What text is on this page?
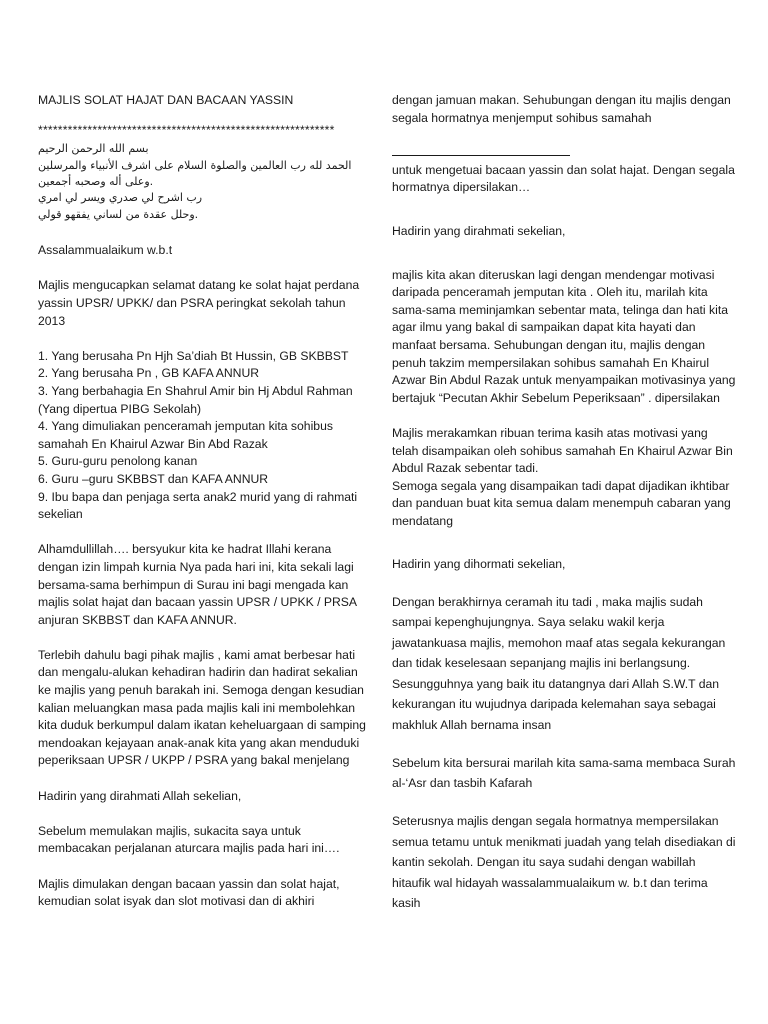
MAJLIS SOLAT HAJAT DAN BACAAN YASSIN
************************************************************
بسم الله الرحمن الرحيم
الحمد لله رب العالمين والصلوة السلام على اشرف الأنبياء والمرسلين
.وعلى أله وصحبه أجمعين
رب اشرح لي صدري ويسر لي امري
.وحلل عقدة من لساني يفقهو قولي
Assalammualaikum w.b.t
Majlis mengucapkan selamat datang ke solat hajat perdana yassin UPSR/ UPKK/ dan PSRA peringkat sekolah tahun 2013
1. Yang berusaha Pn Hjh Sa’diah Bt Hussin, GB SKBBST
2. Yang berusaha Pn , GB KAFA ANNUR
3. Yang berbahagia En Shahrul Amir bin Hj Abdul Rahman (Yang dipertua PIBG Sekolah)
4. Yang dimuliakan penceramah jemputan kita sohibus samahah En Khairul Azwar Bin Abd Razak
5. Guru-guru penolong kanan
6. Guru –guru SKBBST dan KAFA ANNUR
9. Ibu bapa dan penjaga serta anak2 murid yang di rahmati sekelian
Alhamdullillah…. bersyukur kita ke hadrat Illahi kerana dengan izin limpah kurnia Nya pada hari ini, kita sekali lagi bersama-sama berhimpun di Surau ini bagi mengada kan majlis solat hajat dan bacaan yassin UPSR / UPKK / PRSA anjuran SKBBST dan KAFA ANNUR.
Terlebih dahulu bagi pihak majlis , kami amat berbesar hati dan mengalu-alukan kehadiran hadirin dan hadirat sekalian ke majlis yang penuh barakah ini. Semoga dengan kesudian kalian meluangkan masa pada majlis kali ini membolehkan kita duduk berkumpul dalam ikatan keheluargaan di samping mendoakan kejayaan anak-anak kita yang akan menduduki peperiksaan UPSR / UKPP / PSRA yang bakal menjelang
Hadirin yang dirahmati Allah sekelian,
Sebelum memulakan majlis, sukacita saya untuk membacakan perjalanan aturcara majlis pada hari ini….
Majlis dimulakan dengan bacaan yassin dan solat hajat, kemudian solat isyak dan slot motivasi dan di akhiri
dengan jamuan makan. Sehubungan dengan itu majlis dengan segala hormatnya menjemput sohibus samahah
untuk mengetuai bacaan yassin dan solat hajat. Dengan segala hormatnya dipersilakan…
Hadirin yang dirahmati sekelian,
majlis kita akan diteruskan lagi dengan mendengar motivasi daripada penceramah jemputan kita . Oleh itu, marilah kita sama-sama meminjamkan sebentar mata, telinga dan hati kita agar ilmu yang bakal di sampaikan dapat kita hayati dan manfaat bersama. Sehubungan dengan itu, majlis dengan penuh takzim mempersilakan sohibus samahah En Khairul Azwar Bin Abdul Razak untuk menyampaikan motivasinya yang bertajuk “Pecutan Akhir Sebelum Peperiksaan” . dipersilakan
Majlis merakamkan ribuan terima kasih atas motivasi yang telah disampaikan oleh sohibus samahah En Khairul Azwar Bin Abdul Razak sebentar tadi.
Semoga segala yang disampaikan tadi dapat dijadikan ikhtibar dan panduan buat kita semua dalam menempuh cabaran yang mendatang
Hadirin yang dihormati sekelian,
Dengan berakhirnya ceramah itu tadi , maka majlis sudah sampai kepenghujungnya. Saya selaku wakil kerja jawatankuasa majlis, memohon maaf atas segala kekurangan dan tidak keselesaan sepanjang majlis ini berlangsung. Sesungguhnya yang baik itu datangnya dari Allah S.W.T dan kekurangan itu wujudnya daripada kelemahan saya sebagai makhluk Allah bernama insan
Sebelum kita bersurai marilah kita sama-sama membaca Surah al-‘Asr dan tasbih Kafarah
Seterusnya majlis dengan segala hormatnya mempersilakan semua tetamu untuk menikmati juadah yang telah disediakan di kantin sekolah. Dengan itu saya sudahi dengan wabillah hitaufik wal hidayah wassalammualaikum w. b.t dan terima kasih
